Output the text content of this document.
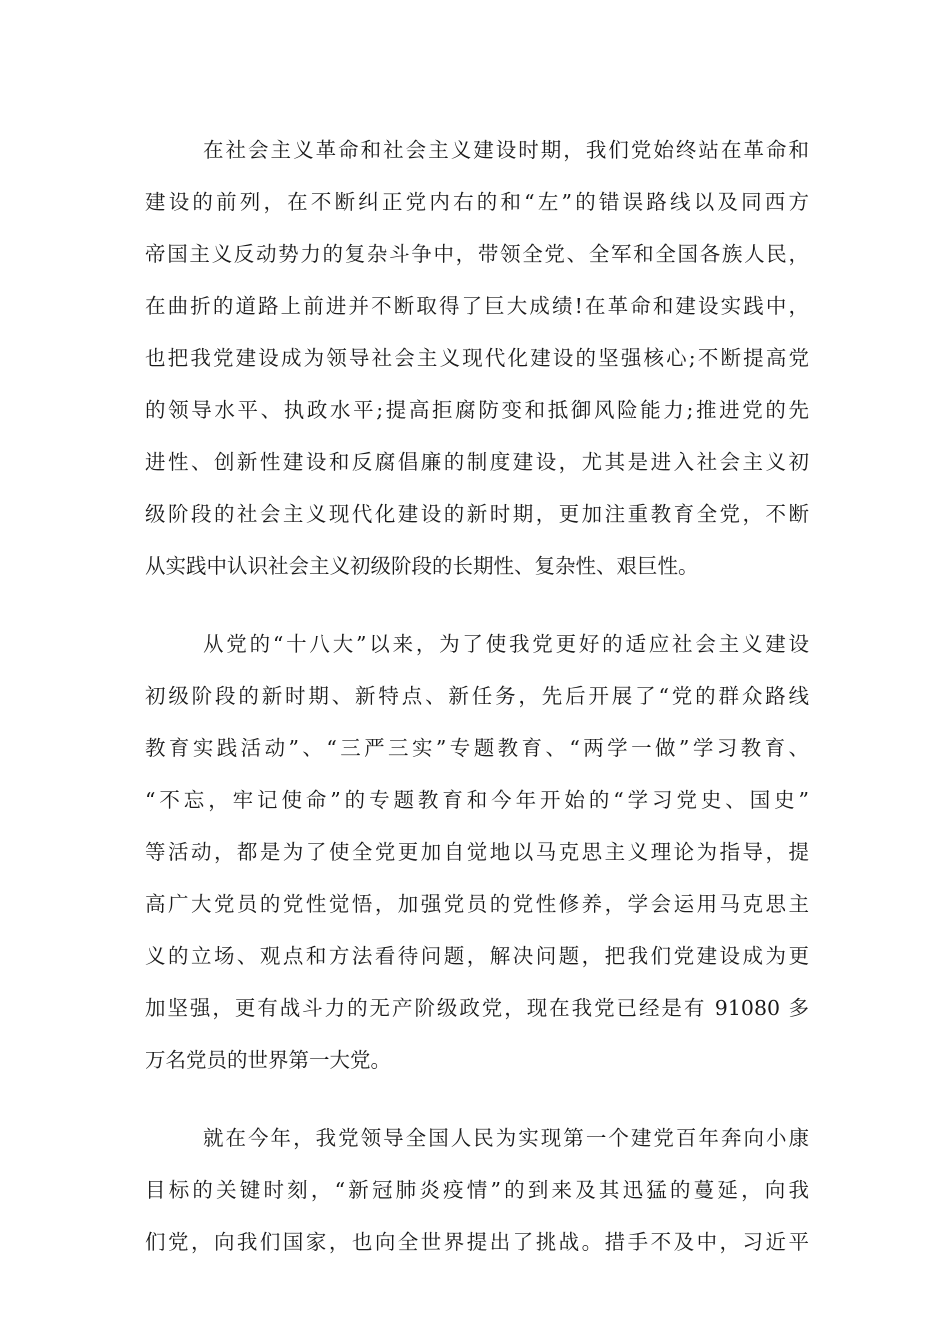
在社会主义革命和社会主义建设时期，我们党始终站在革命和
建设的前列，在不断纠正党内右的和“左”的错误路线以及同西方
帝国主义反动势力的复杂斗争中，带领全党、全军和全国各族人民，
在曲折的道路上前进并不断取得了巨大成绩!在革命和建设实践中，
也把我党建设成为领导社会主义现代化建设的坚强核心;不断提高党
的领导水平、执政水平;提高拒腐防变和抵御风险能力;推进党的先
进性、创新性建设和反腐倡廉的制度建设，尤其是进入社会主义初
级阶段的社会主义现代化建设的新时期，更加注重教育全党，不断
从实践中认识社会主义初级阶段的长期性、复杂性、艰巨性。
从党的“十八大”以来，为了使我党更好的适应社会主义建设
初级阶段的新时期、新特点、新任务，先后开展了“党的群众路线
教育实践活动”、“三严三实”专题教育、“两学一做”学习教育、
“不忘，牢记使命”的专题教育和今年开始的“学习党史、国史”
等活动，都是为了使全党更加自觉地以马克思主义理论为指导，提
高广大党员的党性觉悟，加强党员的党性修养，学会运用马克思主
义的立场、观点和方法看待问题，解决问题，把我们党建设成为更
加坚强，更有战斗力的无产阶级政党，现在我党已经是有 91080 多
万名党员的世界第一大党。
就在今年，我党领导全国人民为实现第一个建党百年奔向小康
目标的关键时刻，“新冠肺炎疫情”的到来及其迅猛的蔓延，向我
们党，向我们国家，也向全世界提出了挑战。措手不及中，习近平
